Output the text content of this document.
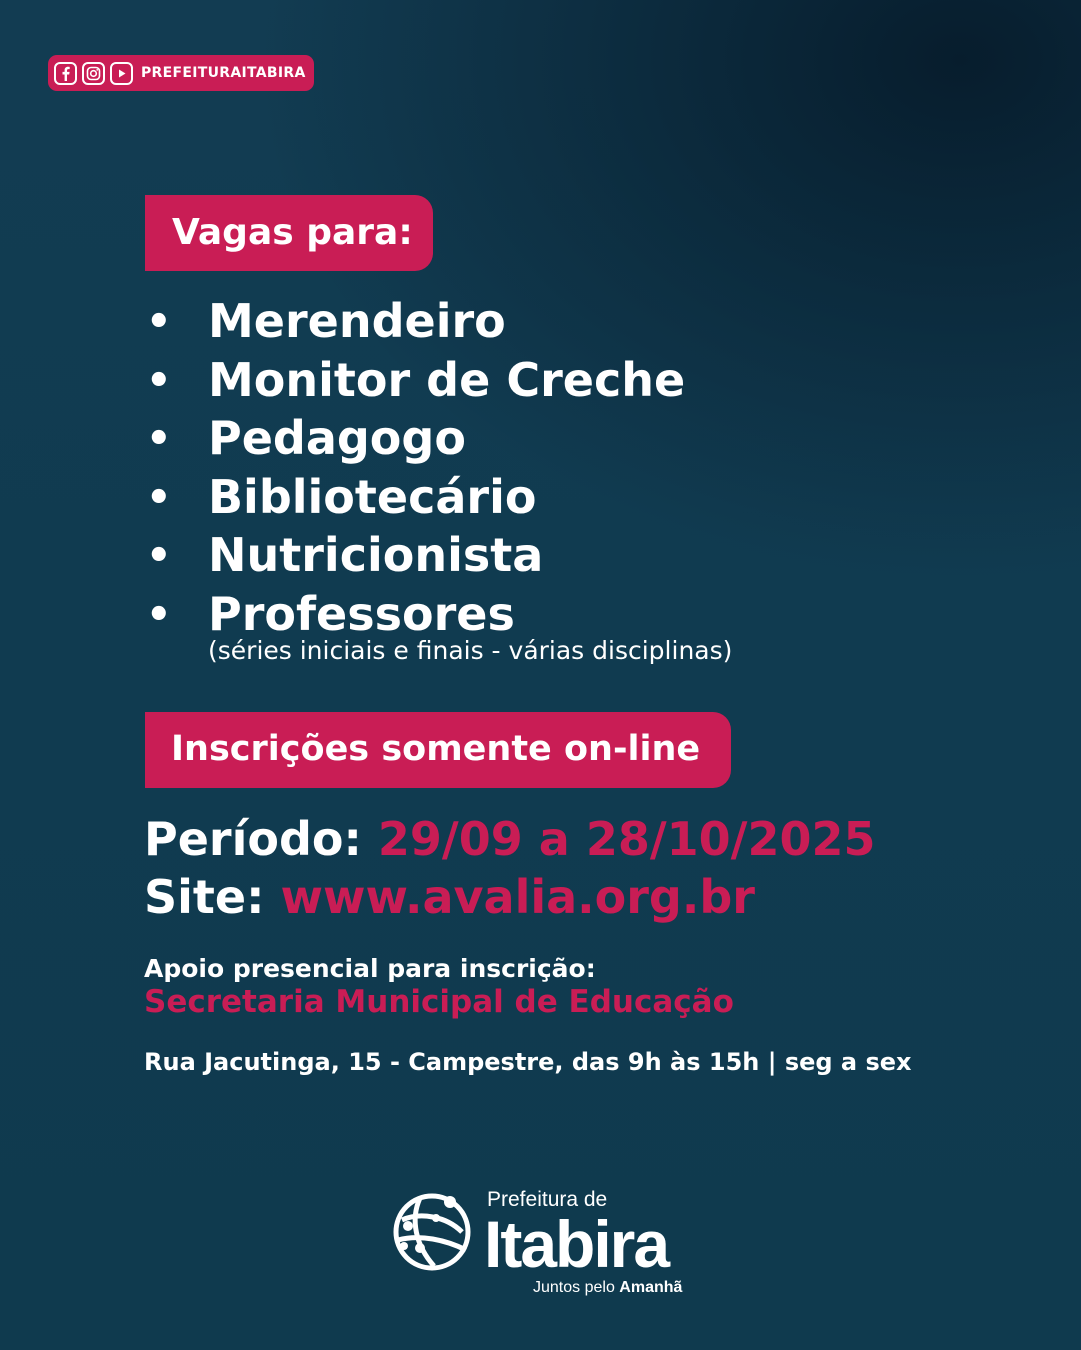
PREFEITURAITABIRA
Vagas para:
• Merendeiro
• Monitor de Creche
• Pedagogo
• Bibliotecário
• Nutricionista
• Professores
(séries iniciais e finais - várias disciplinas)
Inscrições somente on-line
Período: 29/09 a 28/10/2025
Site: www.avalia.org.br
Apoio presencial para inscrição:
Secretaria Municipal de Educação
Rua Jacutinga, 15 - Campestre, das 9h às 15h | seg a sex
Prefeitura de
Itabira
Juntos pelo Amanhã
